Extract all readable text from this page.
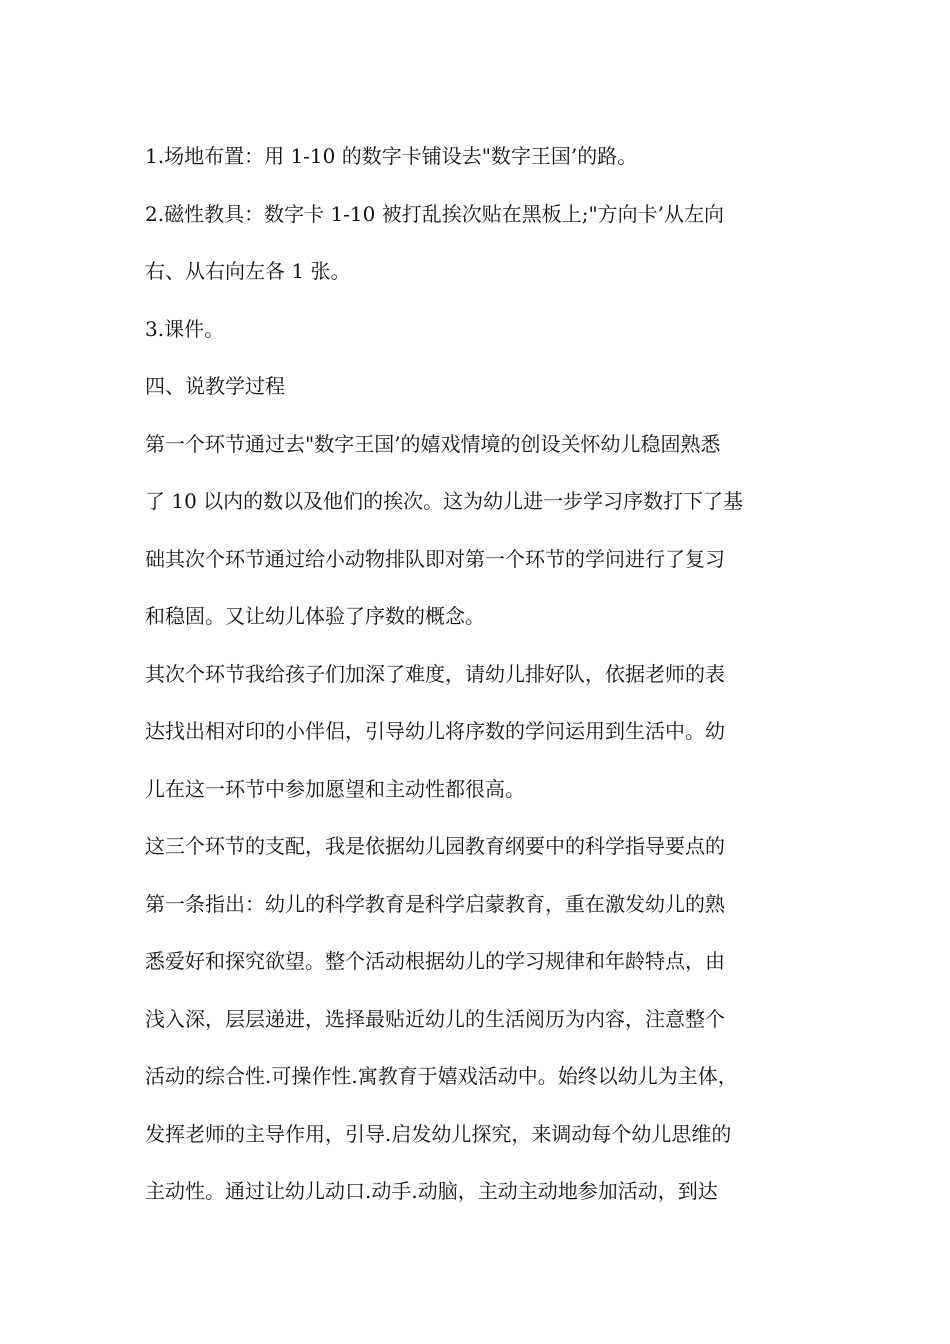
1.场地布置：用 1-10 的数字卡铺设去"数字王国’的路。
2.磁性教具：数字卡 1-10 被打乱挨次贴在黑板上;"方向卡’从左向
右、从右向左各 1 张。
3.课件。
四、说教学过程
第一个环节通过去"数字王国’的嬉戏情境的创设关怀幼儿稳固熟悉
了 10 以内的数以及他们的挨次。这为幼儿进一步学习序数打下了基
础其次个环节通过给小动物排队即对第一个环节的学问进行了复习
和稳固。又让幼儿体验了序数的概念。
其次个环节我给孩子们加深了难度，请幼儿排好队，依据老师的表
达找出相对印的小伴侣，引导幼儿将序数的学问运用到生活中。幼
儿在这一环节中参加愿望和主动性都很高。
这三个环节的支配，我是依据幼儿园教育纲要中的科学指导要点的
第一条指出：幼儿的科学教育是科学启蒙教育，重在激发幼儿的熟
悉爱好和探究欲望。整个活动根据幼儿的学习规律和年龄特点，由
浅入深，层层递进，选择最贴近幼儿的生活阅历为内容，注意整个
活动的综合性.可操作性.寓教育于嬉戏活动中。始终以幼儿为主体，
发挥老师的主导作用，引导.启发幼儿探究，来调动每个幼儿思维的
主动性。通过让幼儿动口.动手.动脑，主动主动地参加活动，到达
